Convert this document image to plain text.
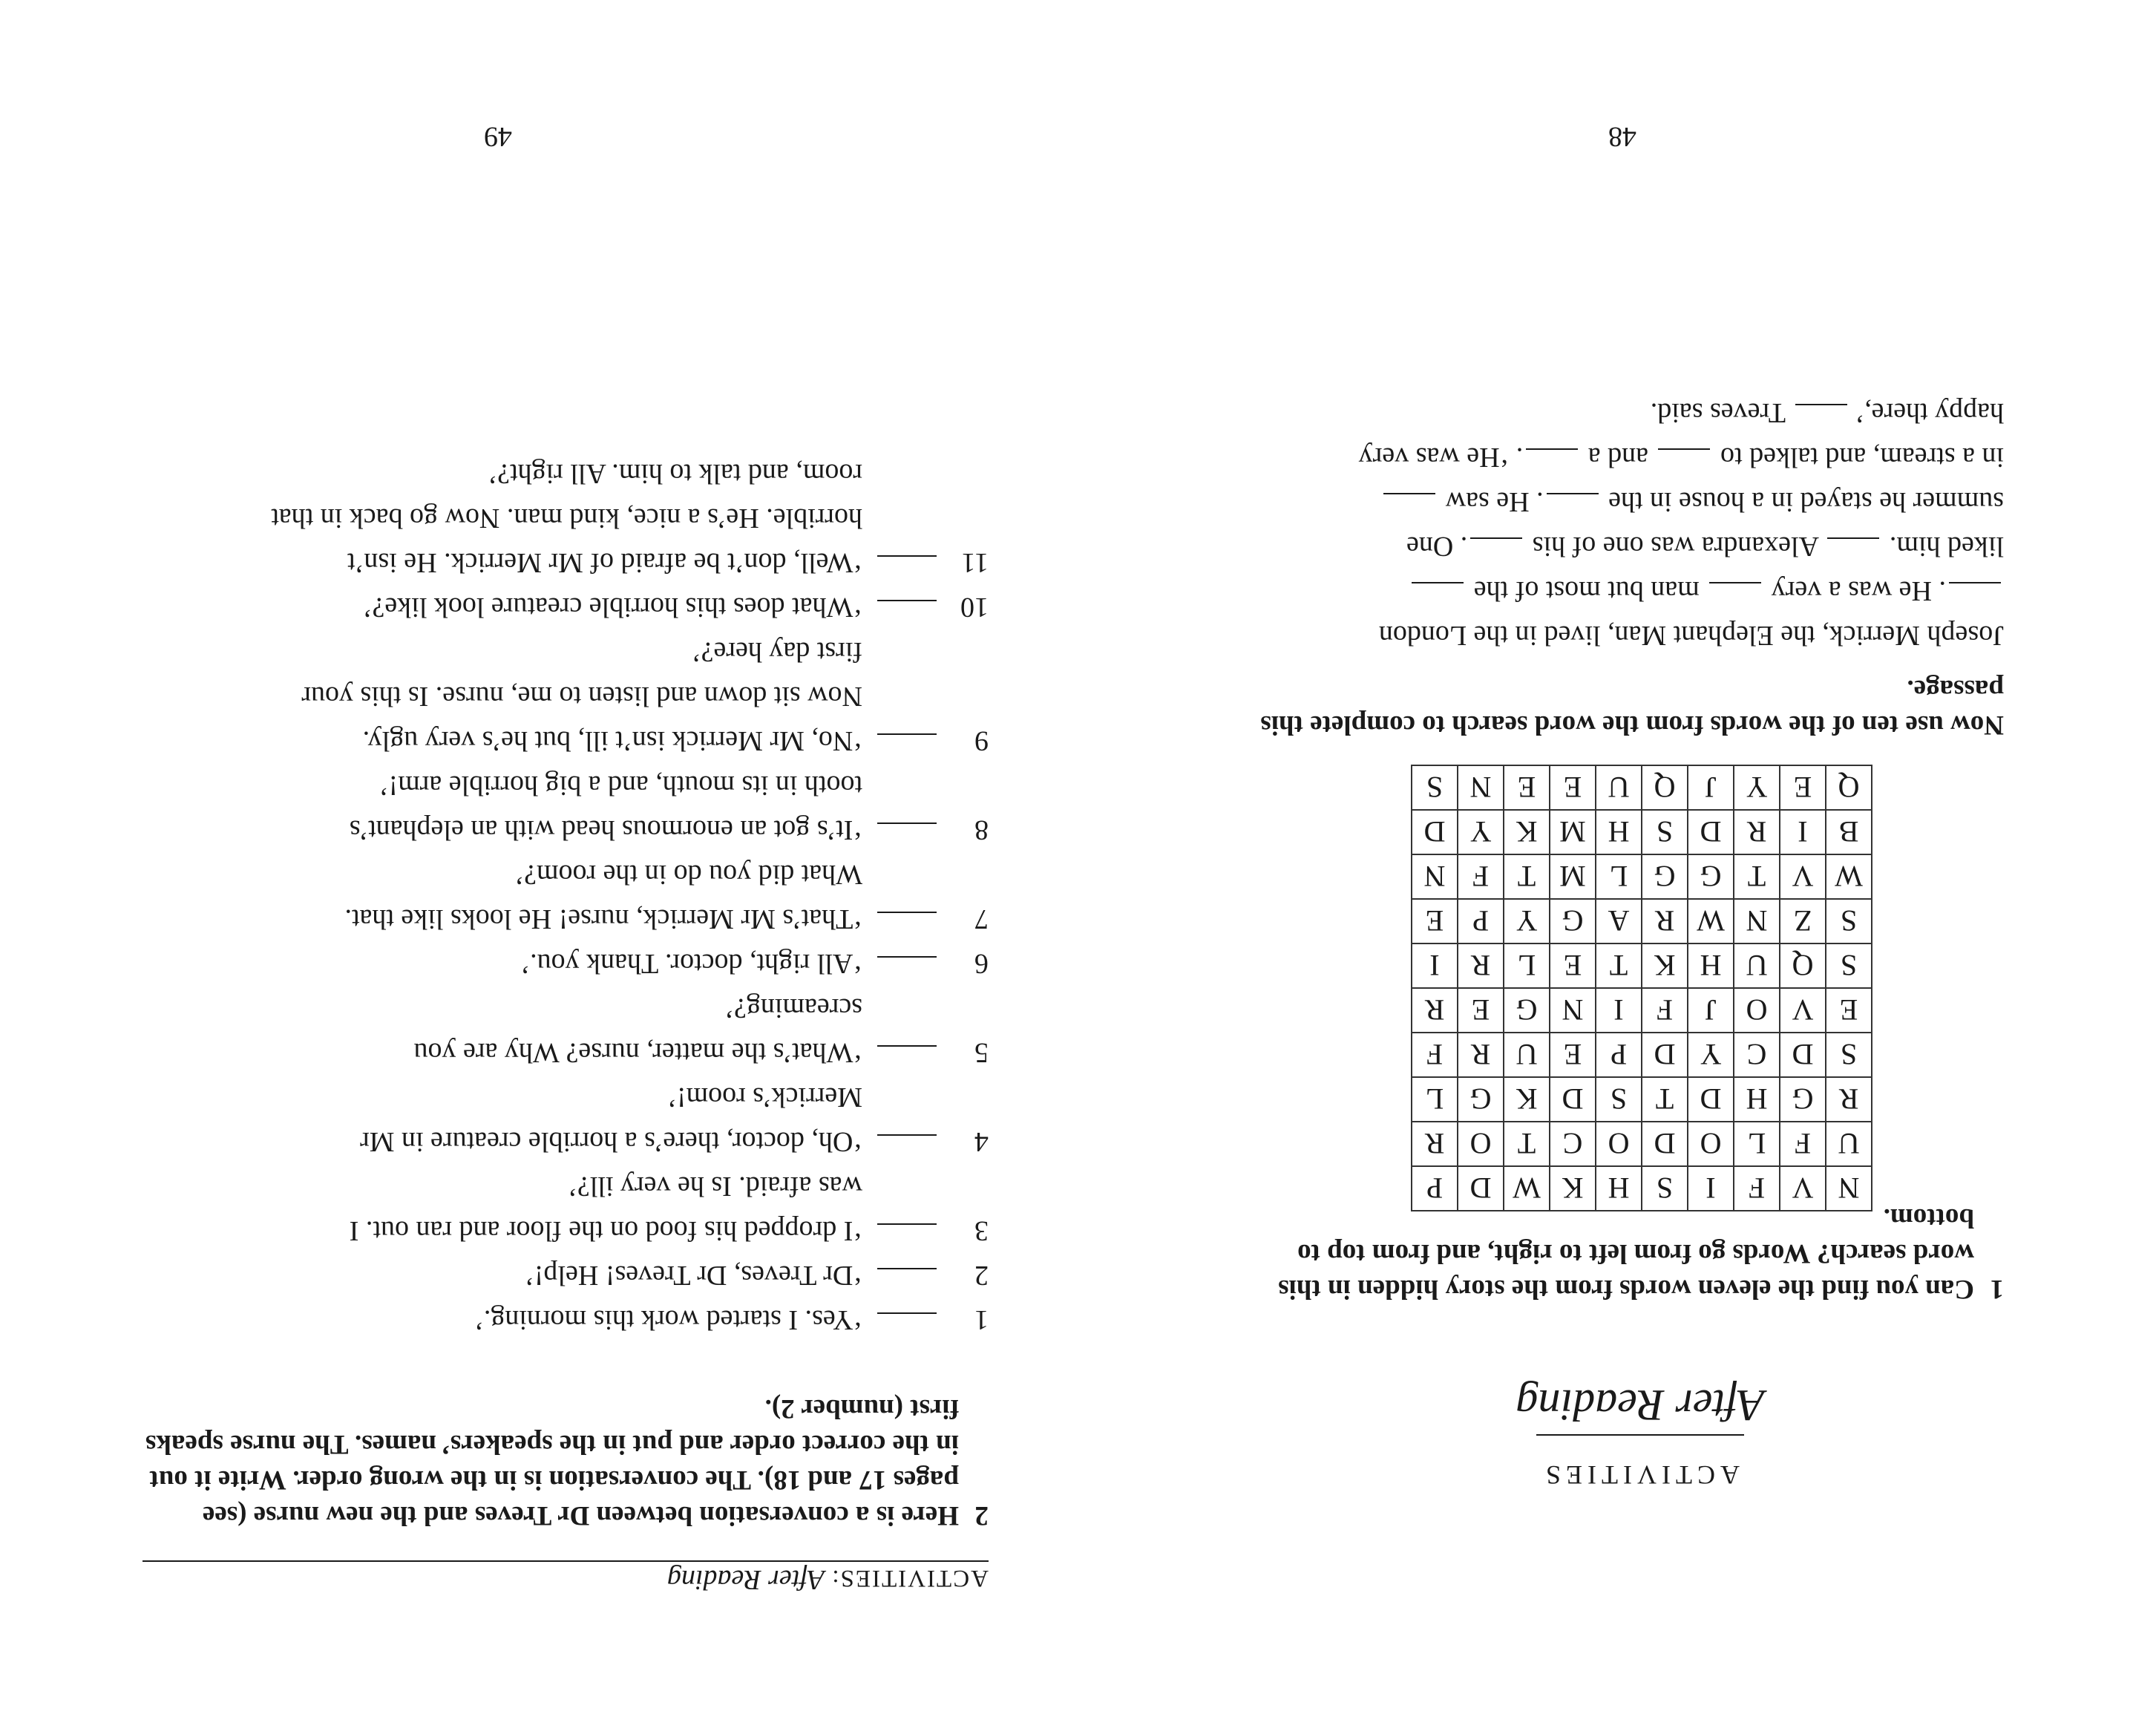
ACTIVITIES
After Reading
1
Can you find the eleven words from the story hidden in this word search? Words go from left to right, and from top to bottom.
N	V	F	I	S	H	K	W	D	P
U	F	L	O	D	O	C	T	O	R
R	G	H	D	T	S	D	K	G	L
S	D	C	Y	D	P	E	U	R	F
E	V	O	J	F	I	N	G	E	R
S	Q	U	H	K	T	E	L	R	I
S	Z	N	W	R	A	G	Y	P	E
W	V	T	G	G	L	M	T	F	N
B	I	R	D	S	H	M	K	Y	D
Q	E	Y	J	Q	U	E	E	N	S
Now use ten of the words from the word search to complete this passage.

Joseph Merrick, the Elephant Man, lived in the London

. He was a very  man but most of the

liked him.  Alexandra was one of his . One

summer he stayed in a house in the . He saw

in a stream, and talked to  and a . ‘He was very

happy there,’  Treves said.

48
ACTIVITIES: After Reading
2
Here is a conversation between Dr Treves and the new nurse (see pages 17 and 18). The conversation is in the wrong order. Write it out in the correct order and put in the speakers’ names. The nurse speaks first (number 2).
1
‘Yes. I started work this morning.’
2
‘Dr Treves, Dr Treves! Help!’
3
‘I dropped his food on the floor and ran out. I
was afraid. Is he very ill?’
4
‘Oh, doctor, there’s a horrible creature in Mr
Merrick’s room!’
5
‘What’s the matter, nurse? Why are you
screaming?’
6
‘All right, doctor. Thank you.’
7
‘That’s Mr Merrick, nurse! He looks like that.
What did you do in the room?’
8
‘It’s got an enormous head with an elephant’s
tooth in its mouth, and a big horrible arm!’
9
‘No, Mr Merrick isn’t ill, but he’s very ugly.
Now sit down and listen to me, nurse. Is this your
first day here?’
10
‘What does this horrible creature look like?’
11
‘Well, don’t be afraid of Mr Merrick. He isn’t
horrible. He’s a nice, kind man. Now go back in that
room, and talk to him. All right?’
49
